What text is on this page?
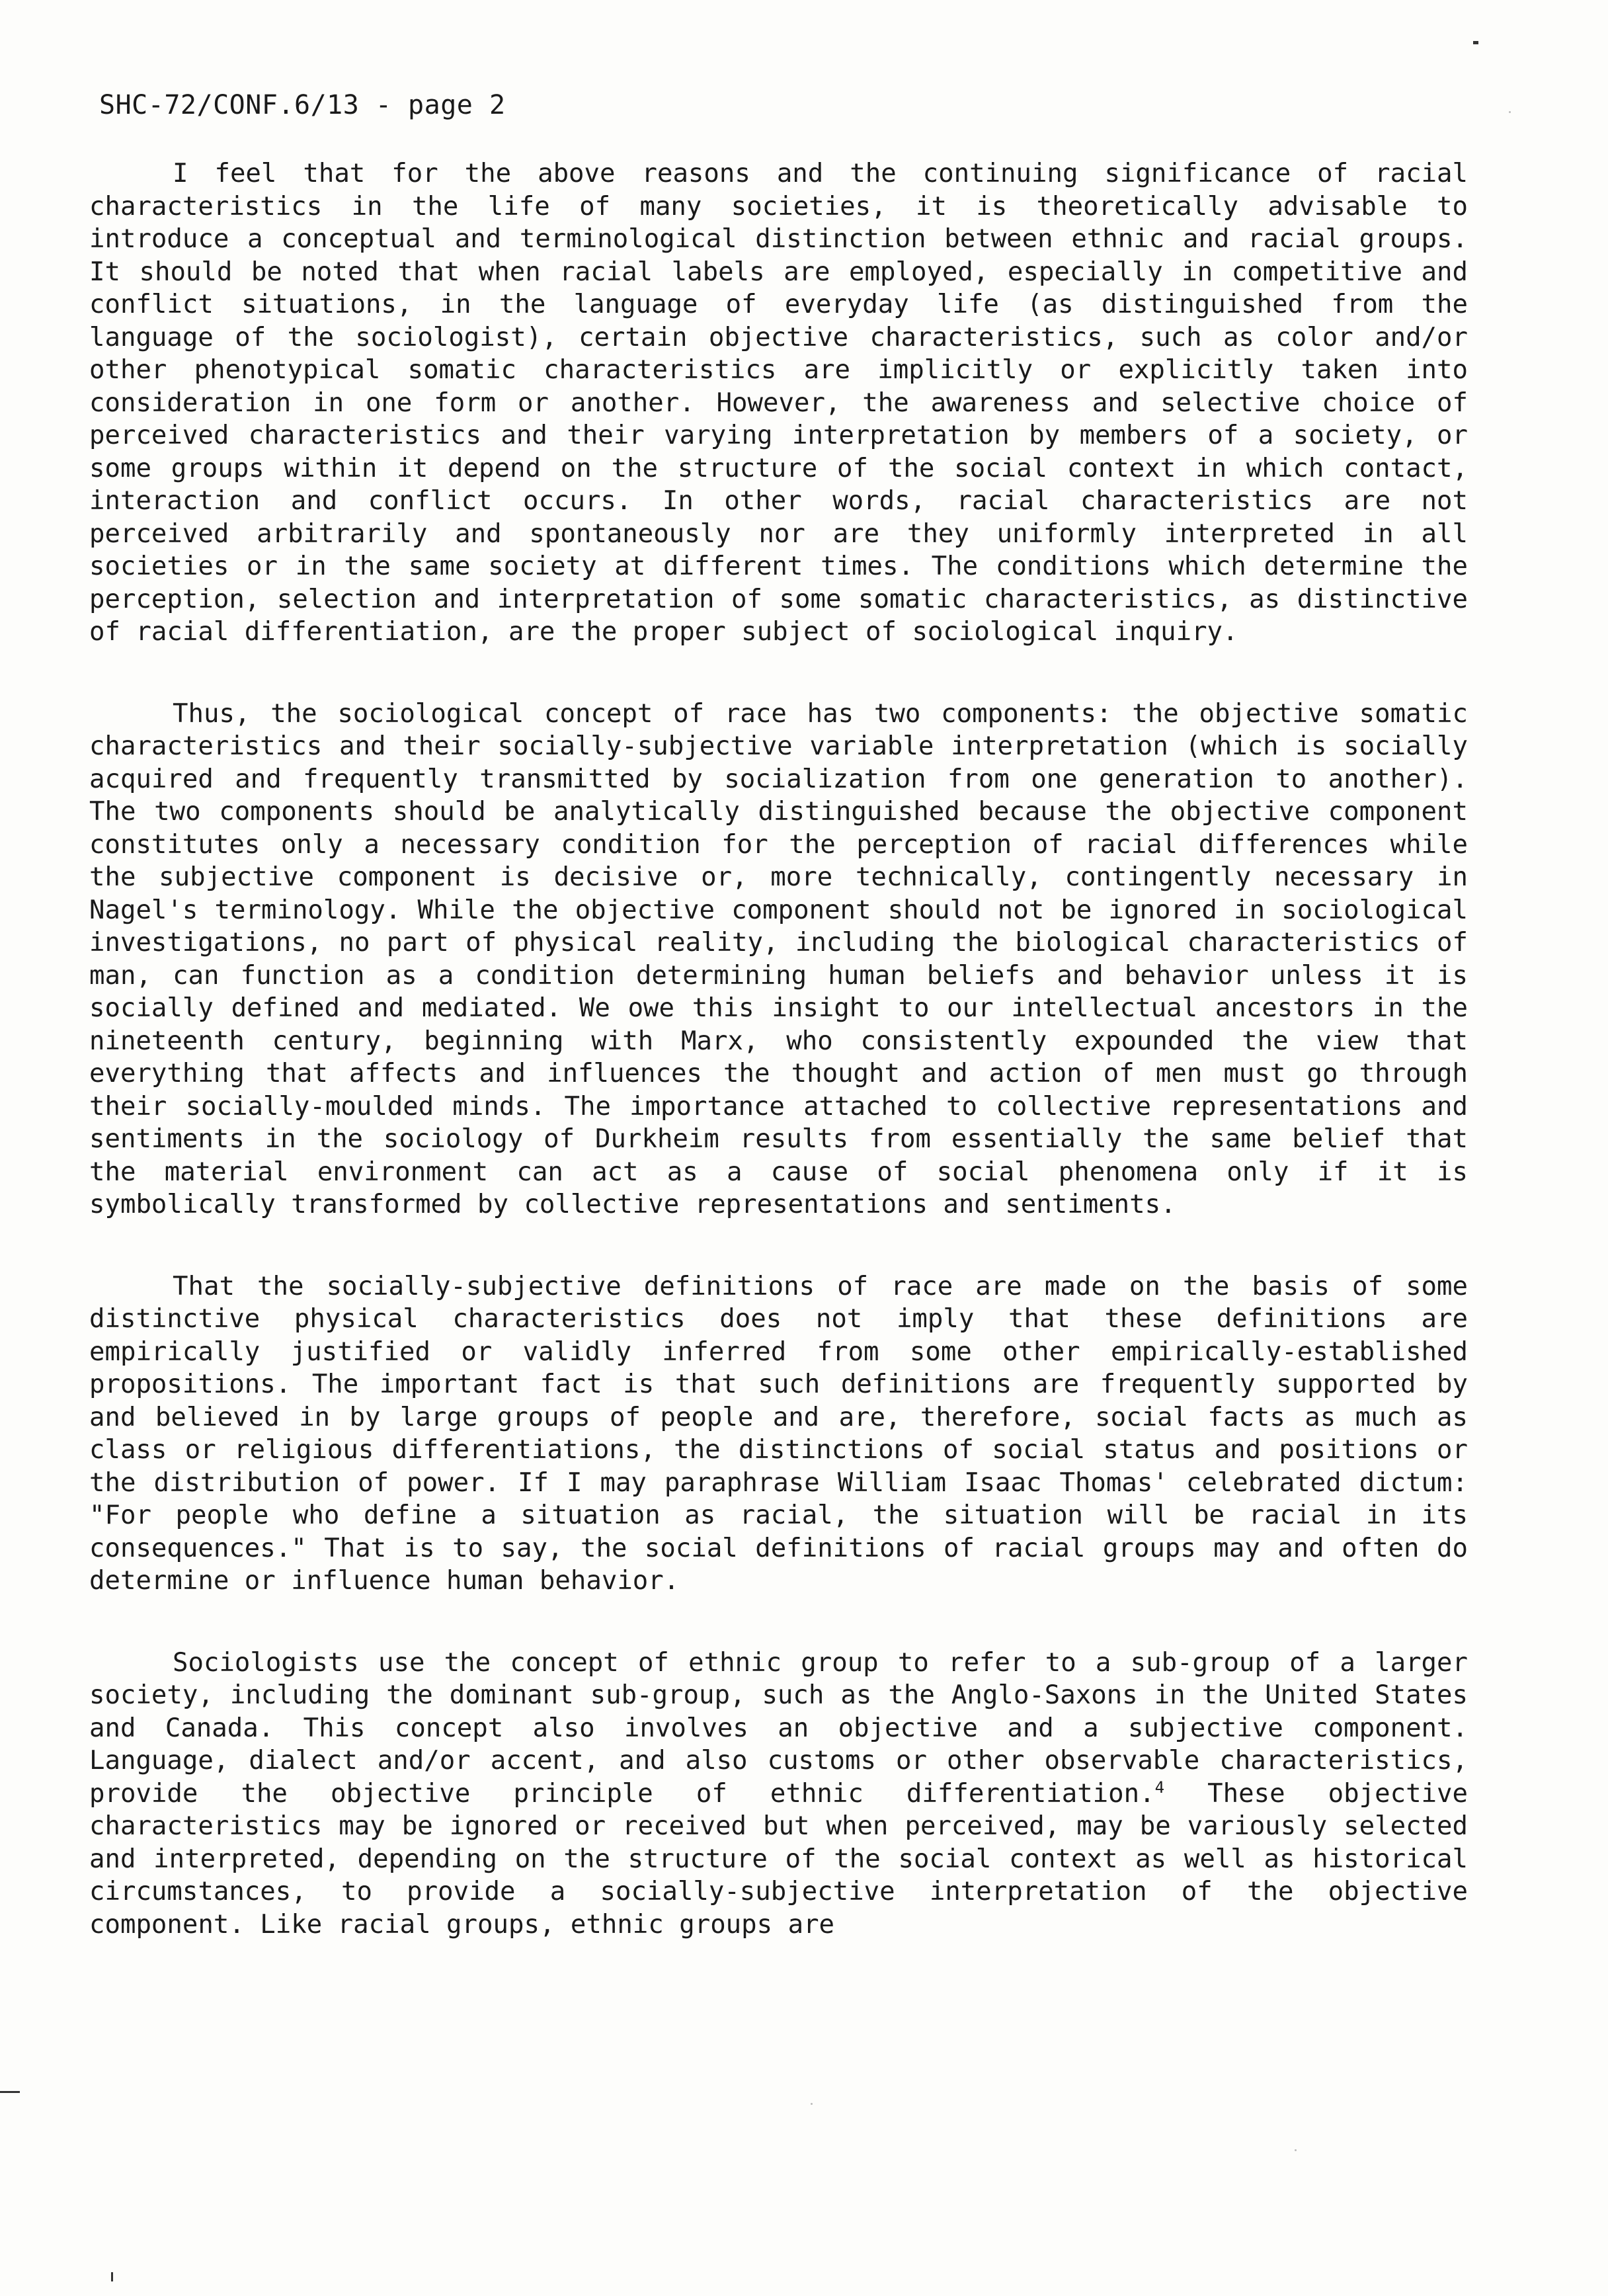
SHC-72/CONF.6/13 - page 2

I feel that for the above reasons and the continuing significance of racial characteristics in the life of many societies, it is theoretically advisable to introduce a conceptual and terminological distinction between ethnic and racial groups. It should be noted that when racial labels are employed, especially in competitive and conflict situations, in the language of everyday life (as distinguished from the language of the sociologist), certain objective characteristics, such as color and/or other phenotypical somatic characteristics are implicitly or explicitly taken into consideration in one form or another. However, the awareness and selective choice of perceived characteristics and their varying interpretation by members of a society, or some groups within it depend on the structure of the social context in which contact, interaction and conflict occurs. In other words, racial characteristics are not perceived arbitrarily and spontaneously nor are they uniformly interpreted in all societies or in the same society at different times. The conditions which determine the perception, selection and interpretation of some somatic characteristics, as distinctive of racial differentiation, are the proper subject of sociological inquiry.

Thus, the sociological concept of race has two components: the objective somatic characteristics and their socially-subjective variable interpretation (which is socially acquired and frequently transmitted by socialization from one generation to another). The two components should be analytically distinguished because the objective component constitutes only a necessary condition for the perception of racial differences while the subjective component is decisive or, more technically, contingently necessary in Nagel's terminology. While the objective component should not be ignored in sociological investigations, no part of physical reality, including the biological characteristics of man, can function as a condition determining human beliefs and behavior unless it is socially defined and mediated. We owe this insight to our intellectual ancestors in the nineteenth century, beginning with Marx, who consistently expounded the view that everything that affects and influences the thought and action of men must go through their socially-moulded minds. The importance attached to collective representations and sentiments in the sociology of Durkheim results from essentially the same belief that the material environment can act as a cause of social phenomena only if it is symbolically transformed by collective representations and sentiments.

That the socially-subjective definitions of race are made on the basis of some distinctive physical characteristics does not imply that these definitions are empirically justified or validly inferred from some other empirically-established propositions. The important fact is that such definitions are frequently supported by and believed in by large groups of people and are, therefore, social facts as much as class or religious differentiations, the distinctions of social status and positions or the distribution of power. If I may paraphrase William Isaac Thomas' celebrated dictum: "For people who define a situation as racial, the situation will be racial in its consequences." That is to say, the social definitions of racial groups may and often do determine or influence human behavior.

Sociologists use the concept of ethnic group to refer to a sub-group of a larger society, including the dominant sub-group, such as the Anglo-Saxons in the United States and Canada. This concept also involves an objective and a subjective component. Language, dialect and/or accent, and also customs or other observable characteristics, provide the objective principle of ethnic differentiation.$^4$ These objective characteristics may be ignored or received but when perceived, may be variously selected and interpreted, depending on the structure of the social context as well as historical circumstances, to provide a socially-subjective interpretation of the objective component. Like racial groups, ethnic groups are
